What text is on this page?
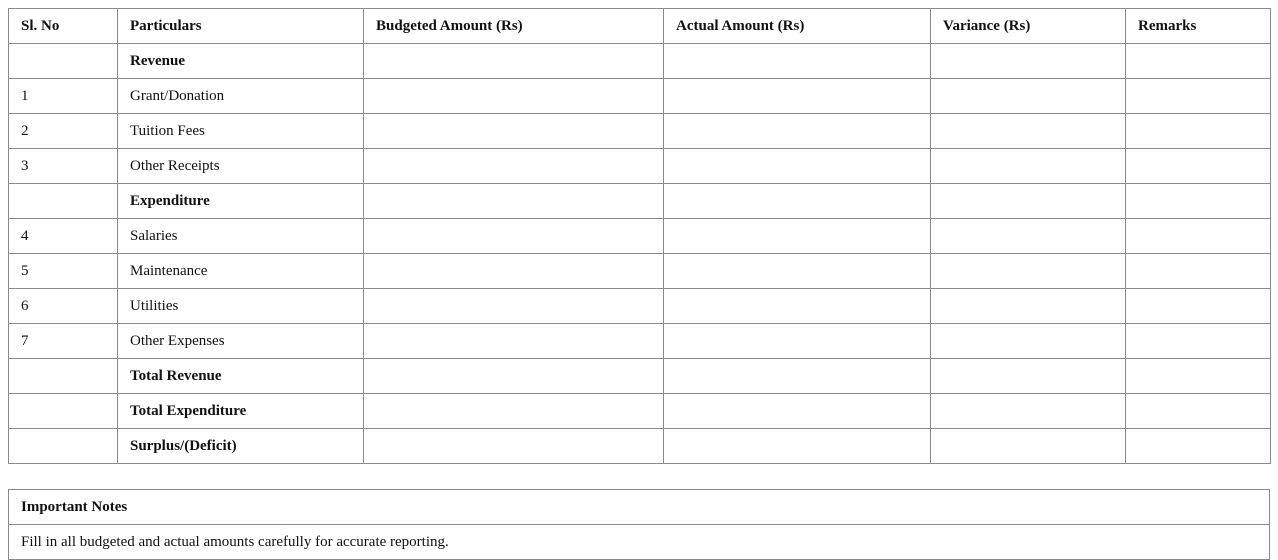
Sl. No	Particulars	Budgeted Amount (Rs)	Actual Amount (Rs)	Variance (Rs)	Remarks
	Revenue				
1	Grant/Donation				
2	Tuition Fees				
3	Other Receipts				
	Expenditure				
4	Salaries				
5	Maintenance				
6	Utilities				
7	Other Expenses				
	Total Revenue				
	Total Expenditure				
	Surplus/(Deficit)				
Important Notes
Fill in all budgeted and actual amounts carefully for accurate reporting.
